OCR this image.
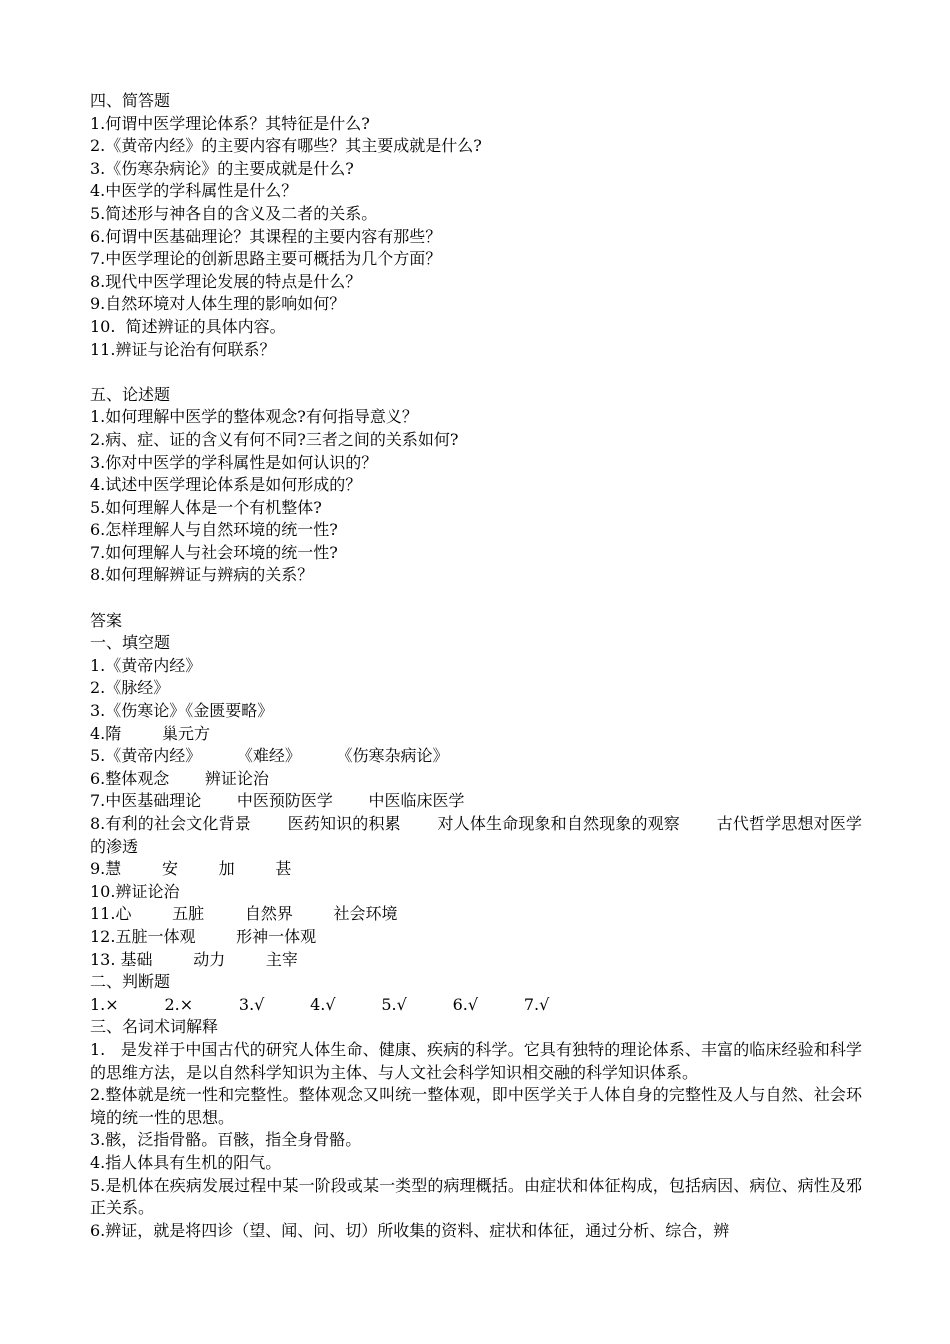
四、简答题
1.何谓中医学理论体系？其特征是什么?
2.《黄帝内经》的主要内容有哪些？其主要成就是什么?
3.《伤寒杂病论》的主要成就是什么?
4.中医学的学科属性是什么？
5.简述形与神各自的含义及二者的关系。
6.何谓中医基础理论？其课程的主要内容有那些？
7.中医学理论的创新思路主要可概括为几个方面？
8.现代中医学理论发展的特点是什么？
9.自然环境对人体生理的影响如何？
10.  简述辨证的具体内容。
11.辨证与论治有何联系？
五、论述题
1.如何理解中医学的整体观念?有何指导意义？
2.病、症、证的含义有何不同?三者之间的关系如何?
3.你对中医学的学科属性是如何认识的？
4.试述中医学理论体系是如何形成的？
5.如何理解人体是一个有机整体?
6.怎样理解人与自然环境的统一性?
7.如何理解人与社会环境的统一性?
8.如何理解辨证与辨病的关系？
答案
一、填空题
1.《黄帝内经》
2.《脉经》
3.《伤寒论》《金匮要略》
4.隋        巢元方
5.《黄帝内经》       《难经》       《伤寒杂病论》
6.整体观念       辨证论治
7.中医基础理论       中医预防医学       中医临床医学
8.有利的社会文化背景       医药知识的积累       对人体生命现象和自然现象的观察       古代哲学思想对医学的渗透
9.慧        安        加        甚
10.辨证论治
11.心        五脏        自然界        社会环境
12.五脏一体观        形神一体观
13. 基础        动力        主宰
二、判断题
1.×         2.×         3.√         4.√         5.√         6.√         7.√
三、名词术词解释
1.   是发祥于中国古代的研究人体生命、健康、疾病的科学。它具有独特的理论体系、丰富的临床经验和科学的思维方法，是以自然科学知识为主体、与人文社会科学知识相交融的科学知识体系。
2.整体就是统一性和完整性。整体观念又叫统一整体观，即中医学关于人体自身的完整性及人与自然、社会环境的统一性的思想。
3.骸，泛指骨骼。百骸，指全身骨骼。
4.指人体具有生机的阳气。
5.是机体在疾病发展过程中某一阶段或某一类型的病理概括。由症状和体征构成，包括病因、病位、病性及邪正关系。
6.辨证，就是将四诊（望、闻、问、切）所收集的资料、症状和体征，通过分析、综合，辨
